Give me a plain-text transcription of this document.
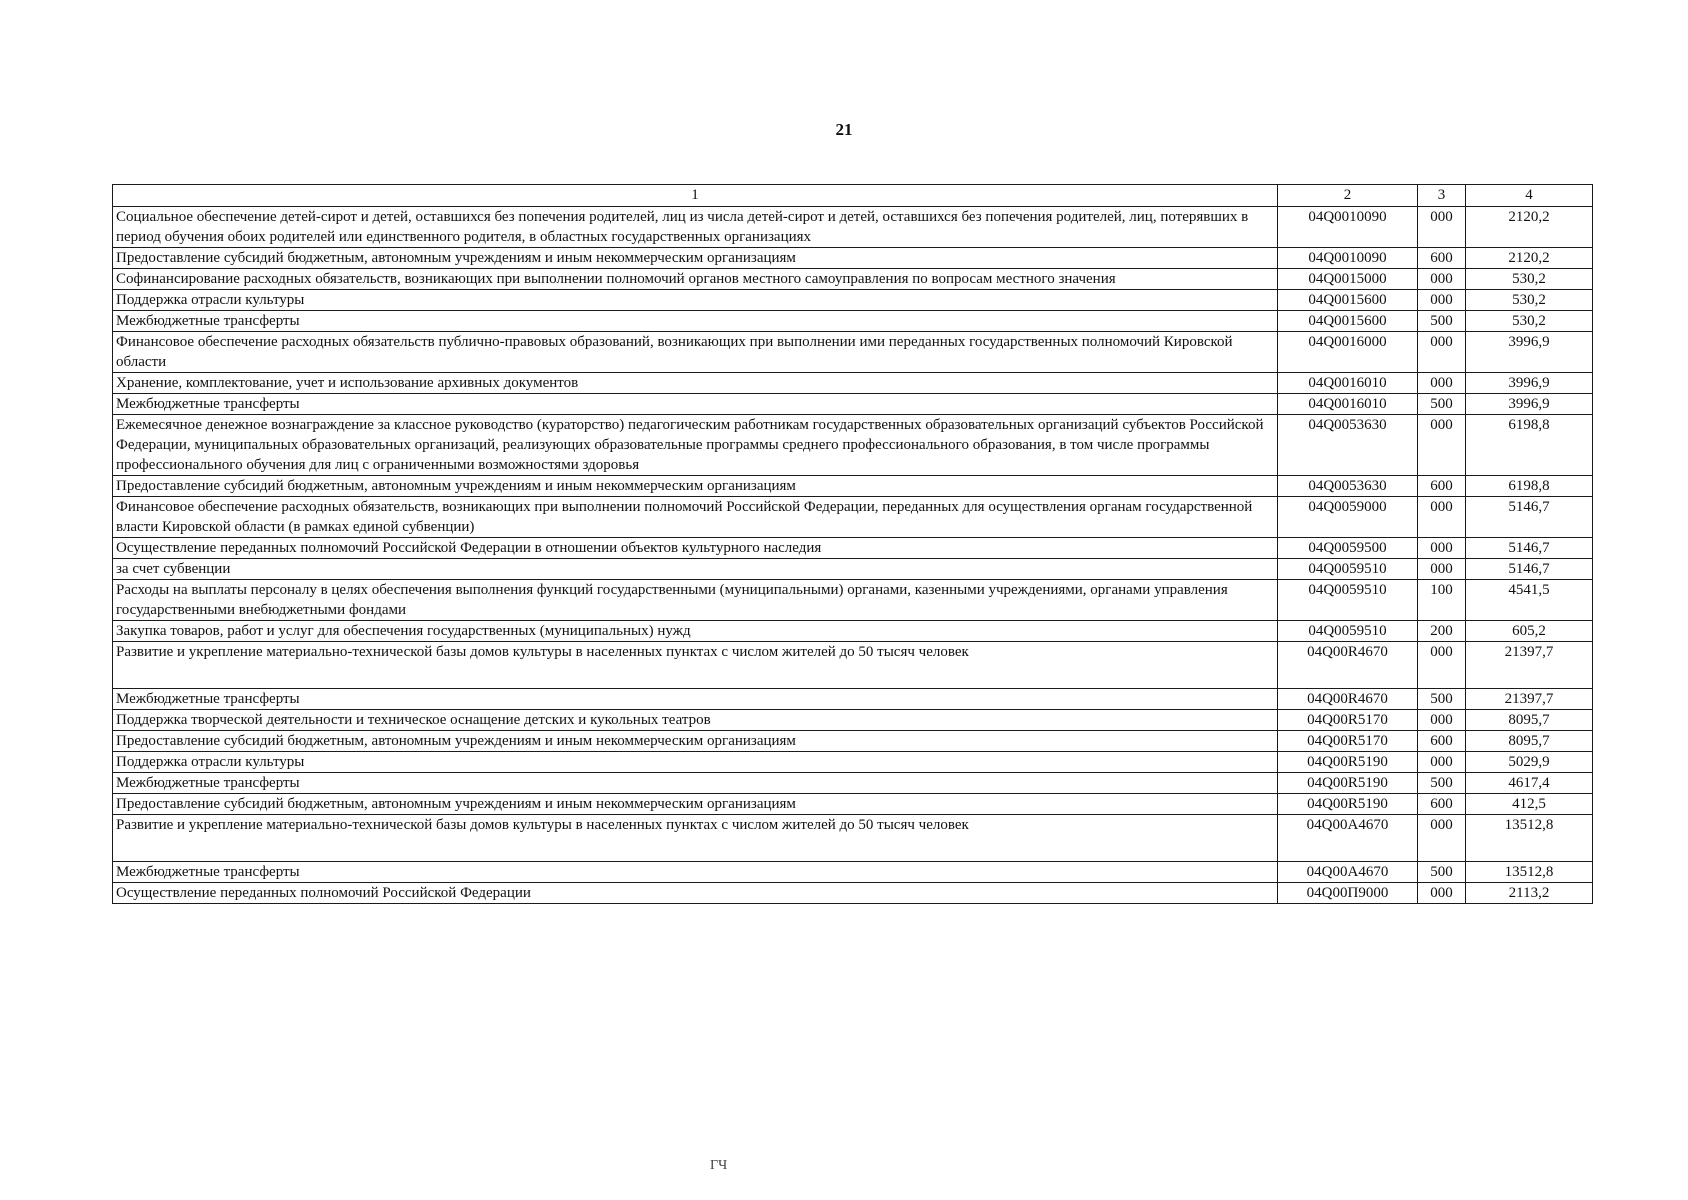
21
1	2	3	4
Социальное обеспечение детей-сирот и детей, оставшихся без попечения родителей, лиц из числа детей-сирот и детей, оставшихся без попечения родителей, лиц, потерявших в период обучения обоих родителей или единственного родителя, в областных государственных организациях	04Q0010090	000	2120,2
Предоставление субсидий бюджетным, автономным учреждениям и иным некоммерческим организациям	04Q0010090	600	2120,2
Софинансирование расходных обязательств, возникающих при выполнении полномочий органов местного самоуправления по вопросам местного значения	04Q0015000	000	530,2
Поддержка отрасли культуры	04Q0015600	000	530,2
Межбюджетные трансферты	04Q0015600	500	530,2
Финансовое обеспечение расходных обязательств публично-правовых образований, возникающих при выполнении ими переданных государственных полномочий Кировской области	04Q0016000	000	3996,9
Хранение, комплектование, учет и использование архивных документов	04Q0016010	000	3996,9
Межбюджетные трансферты	04Q0016010	500	3996,9
Ежемесячное денежное вознаграждение за классное руководство (кураторство) педагогическим работникам государственных образовательных организаций субъектов Российской Федерации, муниципальных образовательных организаций, реализующих образовательные программы среднего профессионального образования, в том числе программы профессионального обучения для лиц с ограниченными возможностями здоровья	04Q0053630	000	6198,8
Предоставление субсидий бюджетным, автономным учреждениям и иным некоммерческим организациям	04Q0053630	600	6198,8
Финансовое обеспечение расходных обязательств, возникающих при выполнении полномочий Российской Федерации, переданных для осуществления органам государственной власти Кировской области (в рамках единой субвенции)	04Q0059000	000	5146,7
Осуществление переданных полномочий Российской Федерации в отношении объектов культурного наследия	04Q0059500	000	5146,7
за счет субвенции	04Q0059510	000	5146,7
Расходы на выплаты персоналу в целях обеспечения выполнения функций государственными (муниципальными) органами, казенными учреждениями, органами управления государственными внебюджетными фондами	04Q0059510	100	4541,5
Закупка товаров, работ и услуг для обеспечения государственных (муниципальных) нужд	04Q0059510	200	605,2
Развитие и укрепление материально-технической базы домов культуры в населенных пунктах с числом жителей до 50 тысяч человек	04Q00R4670	000	21397,7
Межбюджетные трансферты	04Q00R4670	500	21397,7
Поддержка творческой деятельности и техническое оснащение детских и кукольных театров	04Q00R5170	000	8095,7
Предоставление субсидий бюджетным, автономным учреждениям и иным некоммерческим организациям	04Q00R5170	600	8095,7
Поддержка отрасли культуры	04Q00R5190	000	5029,9
Межбюджетные трансферты	04Q00R5190	500	4617,4
Предоставление субсидий бюджетным, автономным учреждениям и иным некоммерческим организациям	04Q00R5190	600	412,5
Развитие и укрепление материально-технической базы домов культуры в населенных пунктах с числом жителей до 50 тысяч человек	04Q00A4670	000	13512,8
Межбюджетные трансферты	04Q00A4670	500	13512,8
Осуществление переданных полномочий Российской Федерации	04Q00П9000	000	2113,2
ГЧ
